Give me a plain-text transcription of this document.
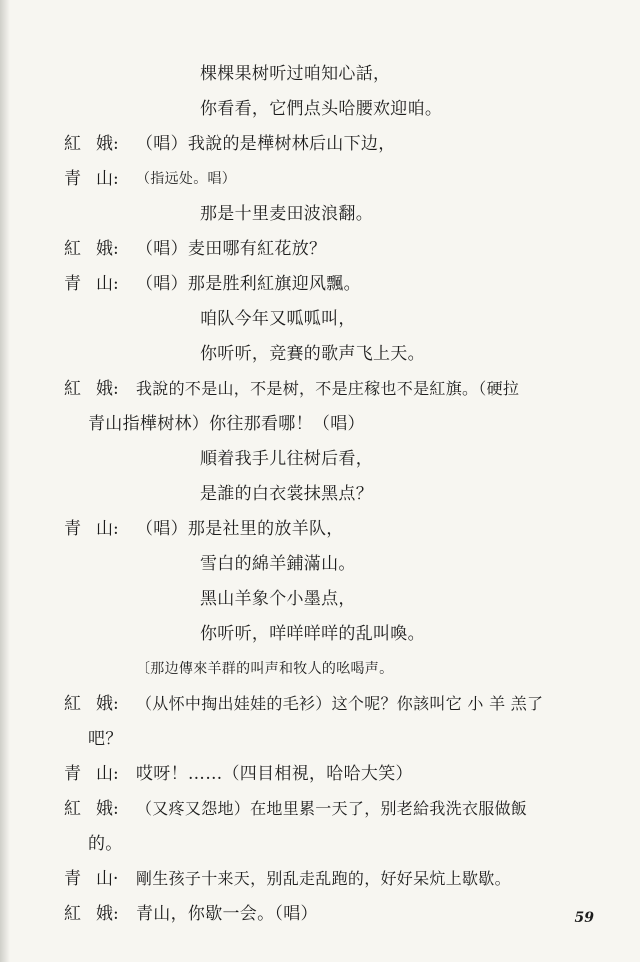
棵棵果树听过咱知心話，
你看看，它們点头哈腰欢迎咱。
紅 娥: （唱）我說的是樺树林后山下边，
青 山: （指远处。唱）
那是十里麦田波浪翻。
紅 娥: （唱）麦田哪有紅花放？
青 山: （唱）那是胜利紅旗迎风飄。
咱队今年又呱呱叫，
你听听，竞賽的歌声飞上天。
紅 娥: 我說的不是山，不是树，不是庄稼也不是紅旗。（硬拉
青山指樺树林）你往那看哪！（唱）
順着我手儿往树后看，
是誰的白衣裳抹黑点？
青 山: （唱）那是社里的放羊队，
雪白的綿羊鋪滿山。
黑山羊象个小墨点，
你听听，咩咩咩咩的乱叫喚。
〔那边傳來羊群的叫声和牧人的吆喝声。
紅 娥: （从怀中掏出娃娃的毛衫）这个呢？你該叫它 小 羊 羔了
吧？
青 山: 哎呀！……（四目相視，哈哈大笑）
紅 娥: （又疼又怨地）在地里累一天了，别老給我洗衣服做飯
的。
青 山· 剛生孩子十来天，别乱走乱跑的，好好呆炕上歇歇。
59
紅 娥: 青山，你歇一会。（唱）
